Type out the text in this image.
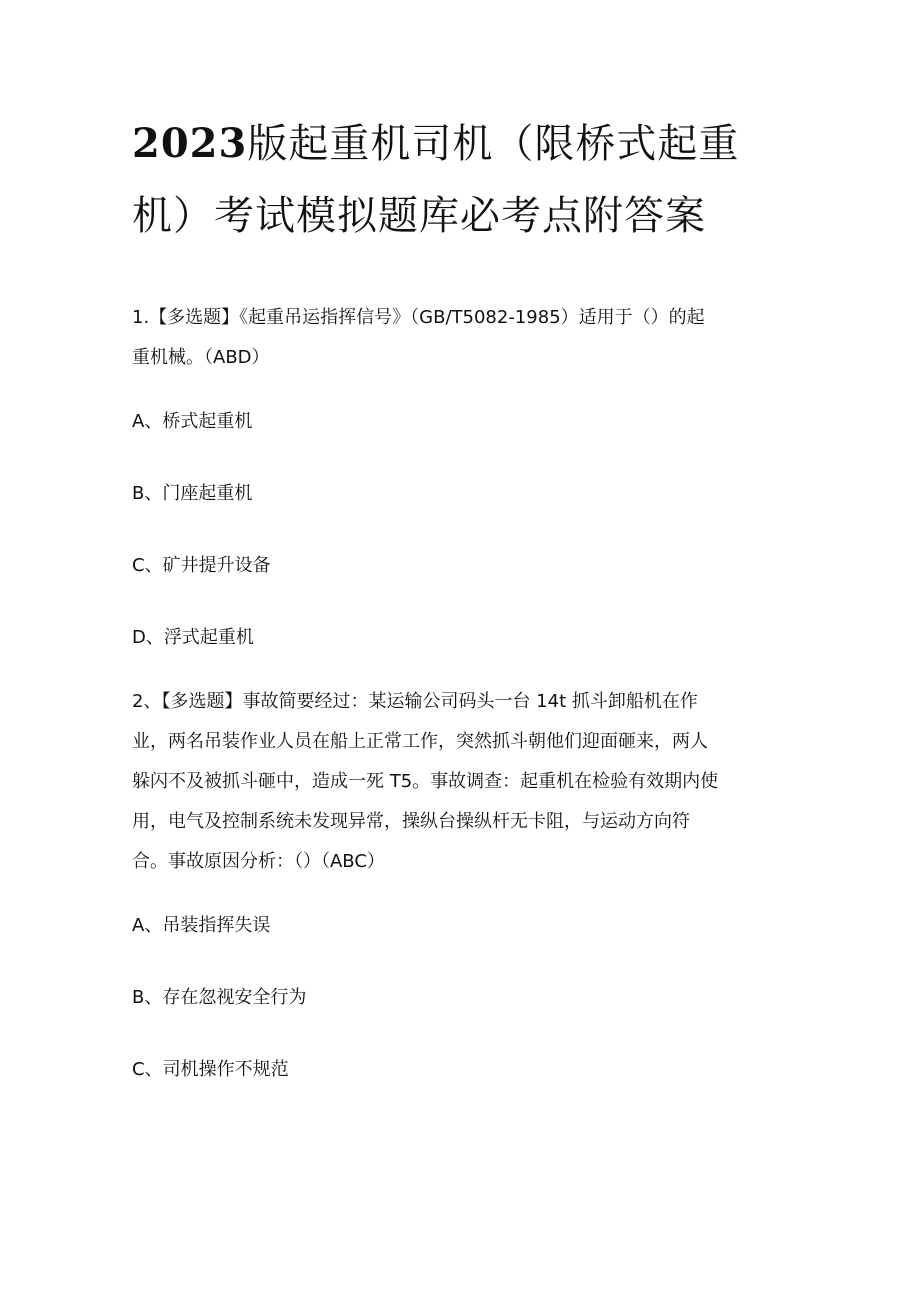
2023版起重机司机（限桥式起重
机）考试模拟题库必考点附答案

1.【多选题】《起重吊运指挥信号》（GB/T5082-1985）适用于（）的起
重机械。（ABD）

A、桥式起重机
B、门座起重机
C、矿井提升设备
D、浮式起重机

2、【多选题】事故简要经过：某运输公司码头一台 14t 抓斗卸船机在作
业，两名吊装作业人员在船上正常工作，突然抓斗朝他们迎面砸来，两人
躲闪不及被抓斗砸中，造成一死 T5。事故调查：起重机在检验有效期内使
用，电气及控制系统未发现异常，操纵台操纵杆无卡阻，与运动方向符
合。事故原因分析：（）（ABC）

A、吊装指挥失误
B、存在忽视安全行为
C、司机操作不规范
